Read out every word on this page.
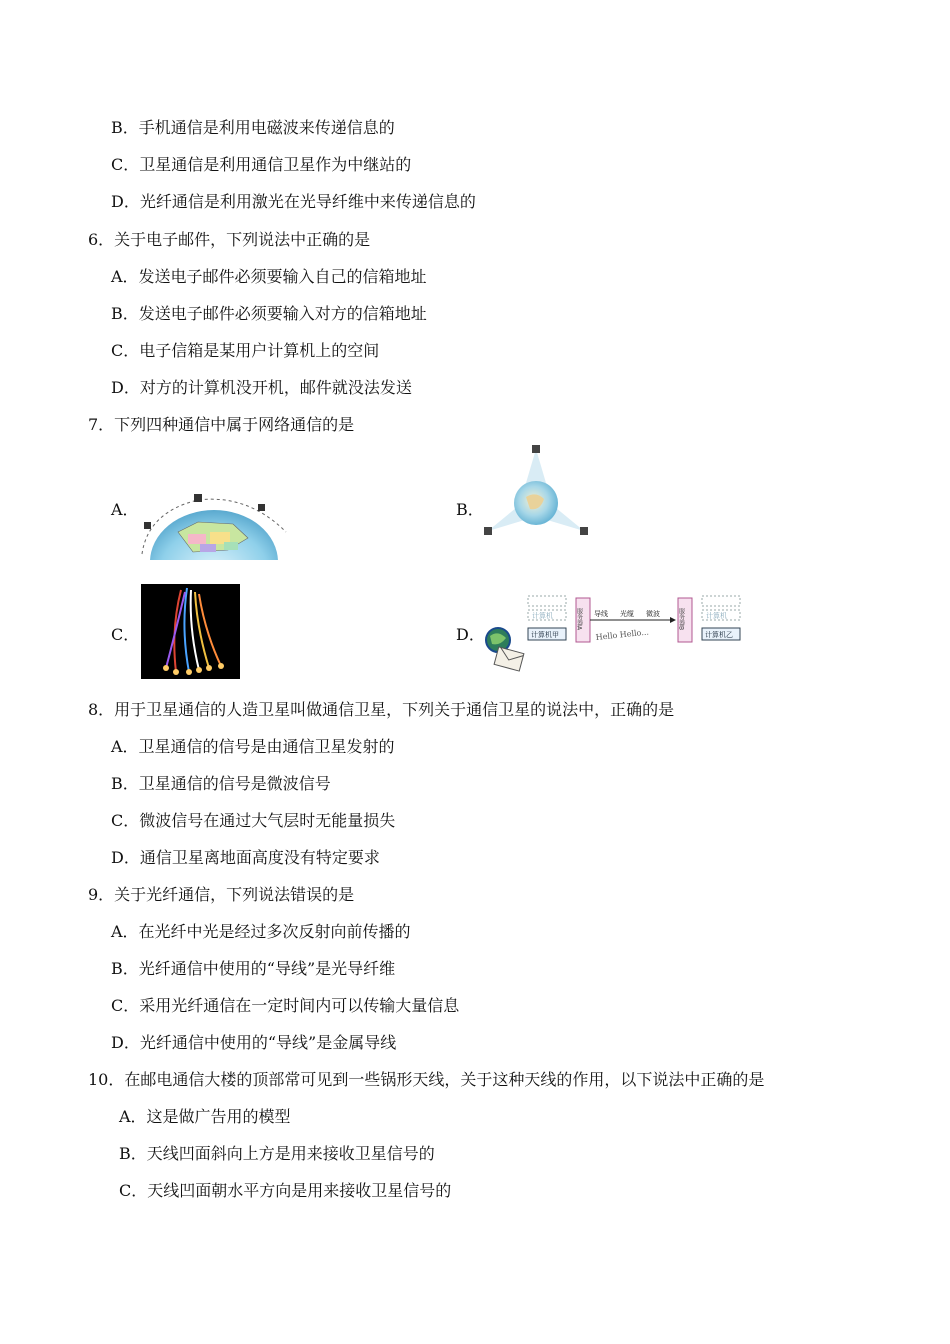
B．手机通信是利用电磁波来传递信息的
C．卫星通信是利用通信卫星作为中继站的
D．光纤通信是利用激光在光导纤维中来传递信息的
6．关于电子邮件，下列说法中正确的是
A．发送电子邮件必须要输入自己的信箱地址
B．发送电子邮件必须要输入对方的信箱地址
C．电子信箱是某用户计算机上的空间
D．对方的计算机没开机，邮件就没法发送
7．下列四种通信中属于网络通信的是
A．	B．
C．	D．
计算机
计算机甲
服务器A 导线 光缆 微波
Hello Hello...
服务器B	计算机
计算机乙
8．用于卫星通信的人造卫星叫做通信卫星，下列关于通信卫星的说法中，正确的是
A．卫星通信的信号是由通信卫星发射的
B．卫星通信的信号是微波信号
C．微波信号在通过大气层时无能量损失
D．通信卫星离地面高度没有特定要求
9．关于光纤通信，下列说法错误的是
A．在光纤中光是经过多次反射向前传播的
B．光纤通信中使用的“导线”是光导纤维
C．采用光纤通信在一定时间内可以传输大量信息
D．光纤通信中使用的“导线”是金属导线
10．在邮电通信大楼的顶部常可见到一些锅形天线，关于这种天线的作用，以下说法中正确的是
A．这是做广告用的模型
B．天线凹面斜向上方是用来接收卫星信号的
C．天线凹面朝水平方向是用来接收卫星信号的
